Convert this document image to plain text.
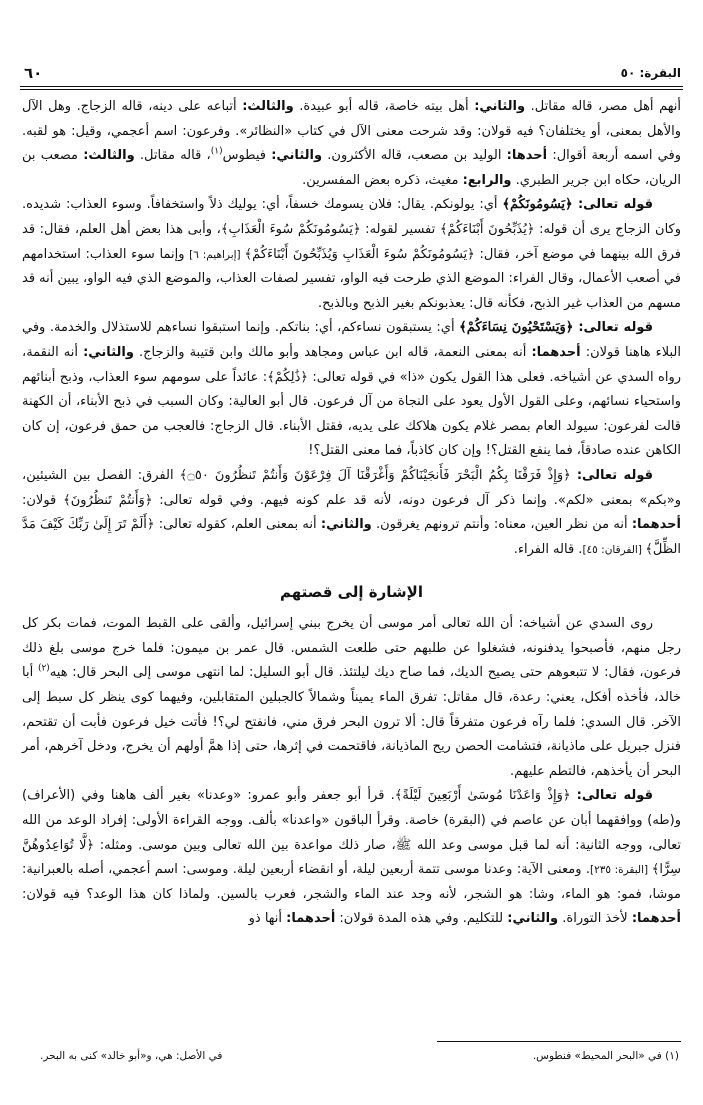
٦٠	البقرة: ٥٠

أنهم أهل مصر، قاله مقاتل. والثاني: أهل بيته خاصة، قاله أبو عبيدة. والثالث: أتباعه على دينه، قاله الزجاج. وهل الآل والأهل بمعنى، أو يختلفان؟ فيه قولان: وقد شرحت معنى الآل في كتاب «النظائر». وفرعون: اسم أعجمي، وقيل: هو لقبه. وفي اسمه أربعة أقوال: أحدها: الوليد بن مصعب، قاله الأكثرون. والثاني: فيطوس$^{(١)}$، قاله مقاتل. والثالث: مصعب بن الريان، حكاه ابن جرير الطبري. والرابع: مغيث، ذكره بعض المفسرين.

قوله تعالى: ﴿يَسُومُونَكُمْ﴾ أي: يولونكم. يقال: فلان يسومك خسفاً، أي: يوليك ذلاً واستخفافاً. وسوء العذاب: شديده. وكان الزجاج يرى أن قوله: ﴿يُذَبِّحُونَ أَبْنَاءَكُمْ﴾ تفسير لقوله: ﴿يَسُومُونَكُمْ سُوءَ الْعَذَابِ﴾، وأبى هذا بعض أهل العلم، فقال: قد فرق الله بينهما في موضع آخر، فقال: ﴿يَسُومُونَكُمْ سُوءَ الْعَذَابِ وَيُذَبِّحُونَ أَبْنَاءَكُمْ﴾ [إبراهيم: ٦] وإنما سوء العذاب: استخدامهم في أصعب الأعمال، وقال الفراء: الموضع الذي طرحت فيه الواو، تفسير لصفات العذاب، والموضع الذي فيه الواو، يبين أنه قد مسهم من العذاب غير الذبح، فكأنه قال: يعذبونكم بغير الذبح وبالذبح.

قوله تعالى: ﴿وَيَسْتَحْيُونَ نِسَاءَكُمْ﴾ أي: يستبقون نساءكم، أي: بناتكم. وإنما استبقوا نساءهم للاستذلال والخدمة. وفي البلاء هاهنا قولان: أحدهما: أنه بمعنى النعمة، قاله ابن عباس ومجاهد وأبو مالك وابن قتيبة والزجاج. والثاني: أنه النقمة، رواه السدي عن أشياخه. فعلى هذا القول يكون «ذا» في قوله تعالى: ﴿ذَٰلِكُمْ﴾: عائداً على سومهم سوء العذاب، وذبح أبنائهم واستحياء نسائهم، وعلى القول الأول يعود على النجاة من آل فرعون. قال أبو العالية: وكان السبب في ذبح الأبناء، أن الكهنة قالت لفرعون: سيولد العام بمصر غلام يكون هلاكك على يديه، فقتل الأبناء. قال الزجاج: فالعجب من حمق فرعون، إن كان الكاهن عنده صادقاً، فما ينفع القتل؟! وإن كان كاذباً، فما معنى القتل؟!

قوله تعالى: ﴿وَإِذْ فَرَقْنَا بِكُمُ الْبَحْرَ فَأَنجَيْنَاكُمْ وَأَغْرَقْنَا آلَ فِرْعَوْنَ وَأَنتُمْ تَنظُرُونَ ۝٥٠﴾ الفرق: الفصل بين الشيئين، و«بكم» بمعنى «لكم». وإنما ذكر آل فرعون دونه، لأنه قد علم كونه فيهم. وفي قوله تعالى: ﴿وَأَنتُمْ تَنظُرُونَ﴾ قولان: أحدهما: أنه من نظر العين، معناه: وأنتم ترونهم يغرقون. والثاني: أنه بمعنى العلم، كقوله تعالى: ﴿أَلَمْ تَرَ إِلَىٰ رَبِّكَ كَيْفَ مَدَّ الظِّلَّ﴾ [الفرقان: ٤٥]. قاله الفراء.

الإشارة إلى قصتهم

روى السدي عن أشياخه: أن الله تعالى أمر موسى أن يخرج ببني إسرائيل، وألقى على القبط الموت، فمات بكر كل رجل منهم، فأصبحوا يدفنونه، فشغلوا عن طلبهم حتى طلعت الشمس. قال عمر بن ميمون: فلما خرج موسى بلغ ذلك فرعون، فقال: لا تتبعوهم حتى يصيح الديك، فما صاح ديك ليلتئذ. قال أبو السليل: لما انتهى موسى إلى البحر قال: هيه$^{(٢)}$ أبا خالد، فأخذه أفكل، يعني: رعدة، قال مقاتل: تفرق الماء يميناً وشمالاً كالجبلين المتقابلين، وفيهما كوى ينظر كل سبط إلى الآخر. قال السدي: فلما رآه فرعون متفرقاً قال: ألا ترون البحر فرق مني، فانفتح لي؟! فأتت خيل فرعون فأبت أن تقتحم، فنزل جبريل على ماذيانة، فتشامت الحصن ريح الماذيانة، فاقتحمت في إثرها، حتى إذا همَّ أولهم أن يخرج، ودخل آخرهم، أمر البحر أن يأخذهم، فالتطم عليهم.

قوله تعالى: ﴿وَإِذْ وَاعَدْنَا مُوسَىٰ أَرْبَعِينَ لَيْلَةً﴾. قرأ أبو جعفر وأبو عمرو: «وعدنا» بغير ألف هاهنا وفي (الأعراف) و(طه) ووافقهما أبان عن عاصم في (البقرة) خاصة. وقرأ الباقون «واعدنا» بألف. ووجه القراءة الأولى: إفراد الوعد من الله تعالى، ووجه الثانية: أنه لما قبل موسى وعد الله ﷺ، صار ذلك مواعدة بين الله تعالى وبين موسى. ومثله: ﴿لَّا تُوَاعِدُوهُنَّ سِرًّا﴾ [البقرة: ٢٣٥]. ومعنى الآية: وعدنا موسى تتمة أربعين ليلة، أو انقضاء أربعين ليلة. وموسى: اسم أعجمي، أصله بالعبرانية: موشا، فمو: هو الماء، وشا: هو الشجر، لأنه وجد عند الماء والشجر، فعرب بالسين. ولماذا كان هذا الوعد؟ فيه قولان: أحدهما: لأخذ التوراة. والثاني: للتكليم. وفي هذه المدة قولان: أحدهما: أنها ذو

(١) في «البحر المحيط» فنطوس.
في الأصل: هي، و«أبو خالد» كنى به البحر.
